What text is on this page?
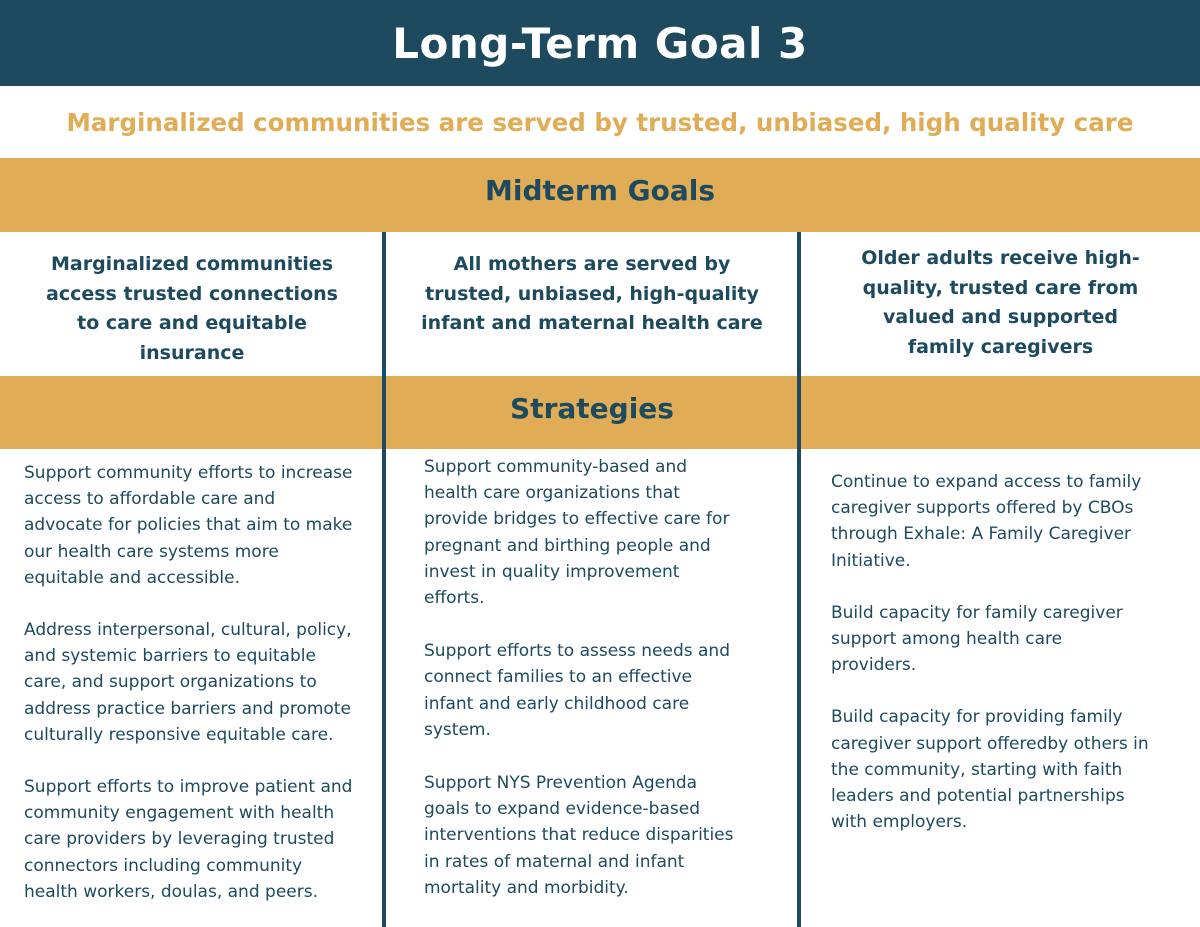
Long-Term Goal 3
Marginalized communities are served by trusted, unbiased, high quality care
Midterm Goals
Strategies
Marginalized communities
access trusted connections
to care and equitable
insurance
All mothers are served by
trusted, unbiased, high-quality
infant and maternal health care
Older adults receive high-
quality, trusted care from
valued and supported
family caregivers
Support community efforts to increase
access to affordable care and
advocate for policies that aim to make
our health care systems more
equitable and accessible.
Address interpersonal, cultural, policy,
and systemic barriers to equitable
care, and support organizations to
address practice barriers and promote
culturally responsive equitable care.
Support efforts to improve patient and
community engagement with health
care providers by leveraging trusted
connectors including community
health workers, doulas, and peers.
Support community-based and
health care organizations that
provide bridges to effective care for
pregnant and birthing people and
invest in quality improvement
efforts.
Support efforts to assess needs and
connect families to an effective
infant and early childhood care
system.
Support NYS Prevention Agenda
goals to expand evidence-based
interventions that reduce disparities
in rates of maternal and infant
mortality and morbidity.
Continue to expand access to family
caregiver supports offered by CBOs
through Exhale: A Family Caregiver
Initiative.
Build capacity for family caregiver
support among health care
providers.
Build capacity for providing family
caregiver support offeredby others in
the community, starting with faith
leaders and potential partnerships
with employers.
